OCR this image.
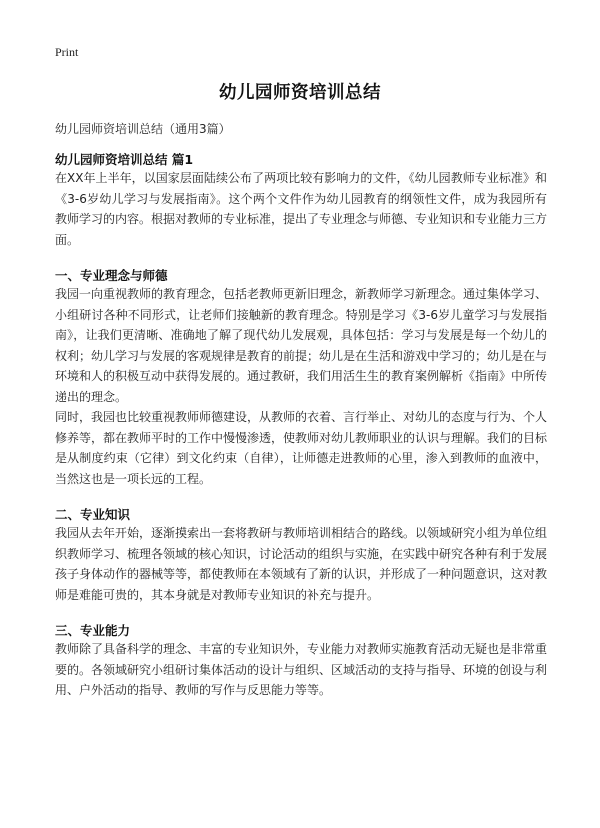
Print
幼儿园师资培训总结
幼儿园师资培训总结（通用3篇）
幼儿园师资培训总结 篇1

在XX年上半年，以国家层面陆续公布了两项比较有影响力的文件，《幼儿园教师专业标准》和《3-6岁幼儿学习与发展指南》。这个两个文件作为幼儿园教育的纲领性文件，成为我园所有教师学习的内容。根据对教师的专业标准，提出了专业理念与师德、专业知识和专业能力三方面。

一、专业理念与师德

我园一向重视教师的教育理念，包括老教师更新旧理念，新教师学习新理念。通过集体学习、小组研讨各种不同形式，让老师们接触新的教育理念。特别是学习《3-6岁儿童学习与发展指南》，让我们更清晰、准确地了解了现代幼儿发展观，具体包括：学习与发展是每一个幼儿的权利；幼儿学习与发展的客观规律是教育的前提；幼儿是在生活和游戏中学习的；幼儿是在与环境和人的积极互动中获得发展的。通过教研，我们用活生生的教育案例解析《指南》中所传递出的理念。

同时，我园也比较重视教师师德建设，从教师的衣着、言行举止、对幼儿的态度与行为、个人修养等，都在教师平时的工作中慢慢渗透，使教师对幼儿教师职业的认识与理解。我们的目标是从制度约束（它律）到文化约束（自律），让师德走进教师的心里，渗入到教师的血液中，当然这也是一项长远的工程。

二、专业知识

我园从去年开始，逐渐摸索出一套将教研与教师培训相结合的路线。以领域研究小组为单位组织教师学习、梳理各领域的核心知识，讨论活动的组织与实施，在实践中研究各种有利于发展孩子身体动作的器械等等，都使教师在本领域有了新的认识，并形成了一种问题意识，这对教师是难能可贵的，其本身就是对教师专业知识的补充与提升。

三、专业能力

教师除了具备科学的理念、丰富的专业知识外，专业能力对教师实施教育活动无疑也是非常重要的。各领域研究小组研讨集体活动的设计与组织、区域活动的支持与指导、环境的创设与利用、户外活动的指导、教师的写作与反思能力等等。
